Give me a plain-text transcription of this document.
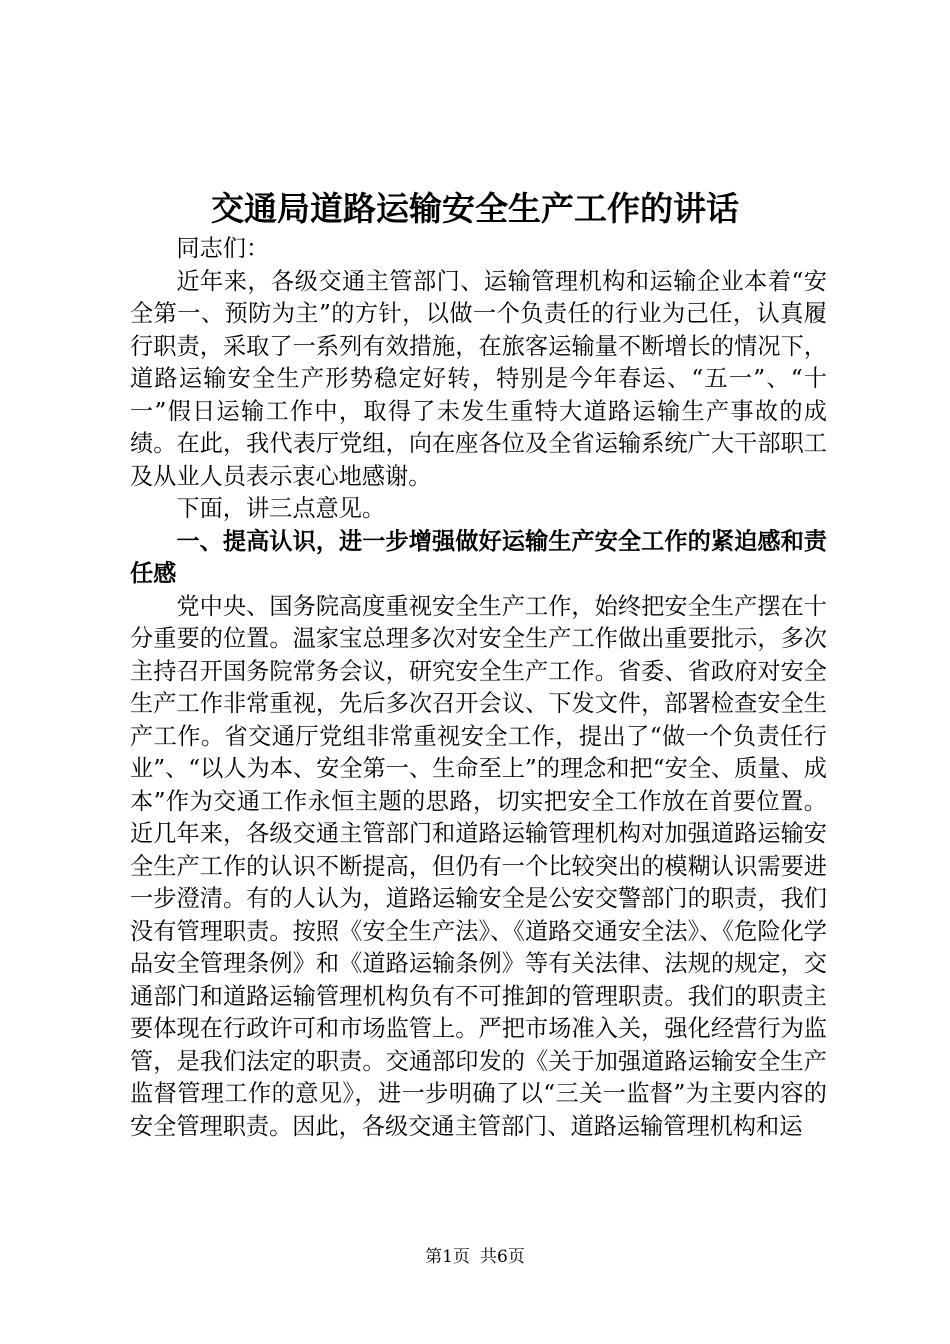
交通局道路运输安全生产工作的讲话

同志们：

近年来，各级交通主管部门、运输管理机构和运输企业本着“安全第一、预防为主”的方针，以做一个负责任的行业为己任，认真履行职责，采取了一系列有效措施，在旅客运输量不断增长的情况下，道路运输安全生产形势稳定好转，特别是今年春运、“五一”、“十一”假日运输工作中，取得了未发生重特大道路运输生产事故的成绩。在此，我代表厅党组，向在座各位及全省运输系统广大干部职工及从业人员表示衷心地感谢。

下面，讲三点意见。

一、提高认识，进一步增强做好运输生产安全工作的紧迫感和责任感

党中央、国务院高度重视安全生产工作，始终把安全生产摆在十分重要的位置。温家宝总理多次对安全生产工作做出重要批示，多次主持召开国务院常务会议，研究安全生产工作。省委、省政府对安全生产工作非常重视，先后多次召开会议、下发文件，部署检查安全生产工作。省交通厅党组非常重视安全工作，提出了“做一个负责任行业”、“以人为本、安全第一、生命至上”的理念和把“安全、质量、成本”作为交通工作永恒主题的思路，切实把安全工作放在首要位置。近几年来，各级交通主管部门和道路运输管理机构对加强道路运输安全生产工作的认识不断提高，但仍有一个比较突出的模糊认识需要进一步澄清。有的人认为，道路运输安全是公安交警部门的职责，我们没有管理职责。按照《安全生产法》、《道路交通安全法》、《危险化学品安全管理条例》和《道路运输条例》等有关法律、法规的规定，交通部门和道路运输管理机构负有不可推卸的管理职责。我们的职责主要体现在行政许可和市场监管上。严把市场准入关，强化经营行为监管，是我们法定的职责。交通部印发的《关于加强道路运输安全生产监督管理工作的意见》，进一步明确了以“三关一监督”为主要内容的安全管理职责。因此，各级交通主管部门、道路运输管理机构和运

第1页 共6页
